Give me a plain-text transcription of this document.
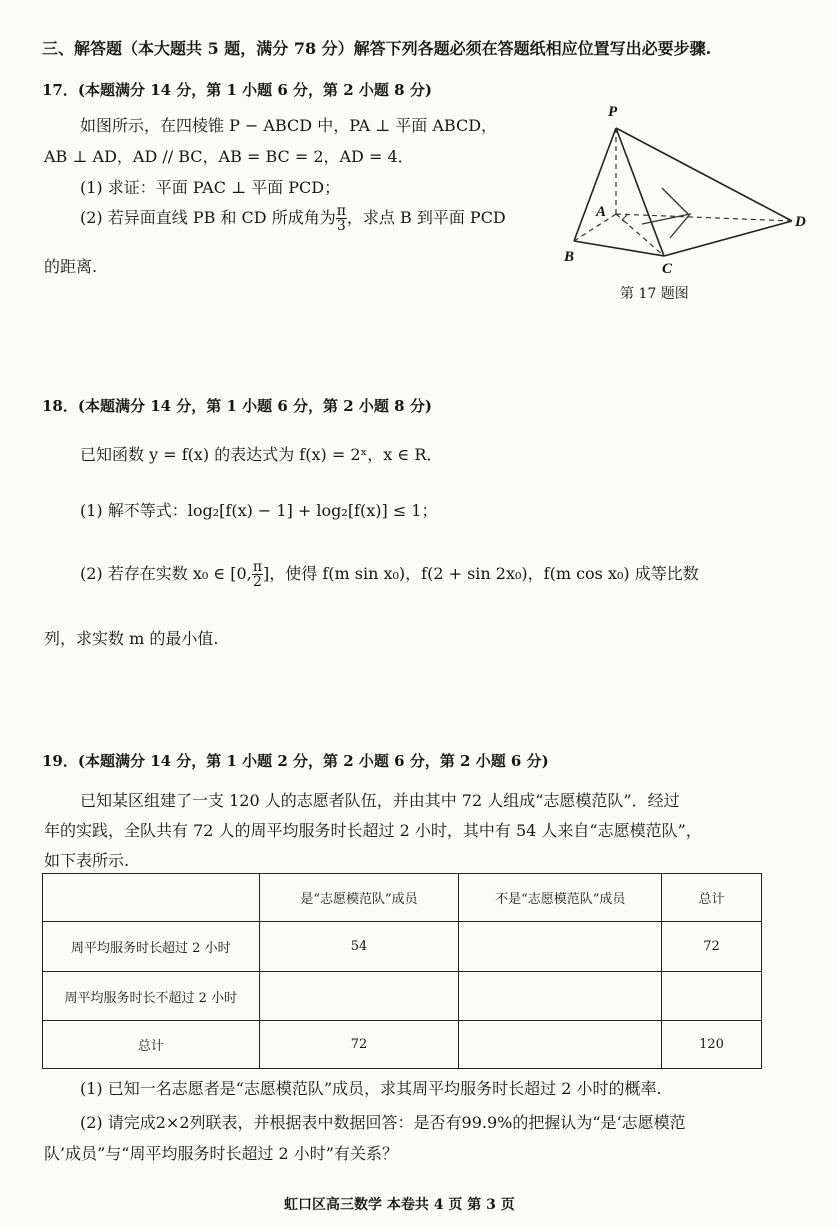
三、解答题（本大题共 5 题，满分 78 分）解答下列各题必须在答题纸相应位置写出必要步骤.
17．(本题满分 14 分，第 1 小题 6 分，第 2 小题 8 分)
如图所示，在四棱锥 P − ABCD 中，PA ⊥ 平面 ABCD，
AB ⊥ AD，AD // BC，AB = BC = 2，AD = 4．
(1) 求证：平面 PAC ⊥ 平面 PCD；
(2) 若异面直线 PB 和 CD 所成角为 $\frac{\pi}{3}$ ，求点 B 到平面 PCD
的距离.
P
A
B
C
D
第 17 题图
18．(本题满分 14 分，第 1 小题 6 分，第 2 小题 8 分)
已知函数 y = f(x) 的表达式为 f(x) = 2ˣ，x ∈ R．
(1) 解不等式：log₂[f(x) − 1] + log₂[f(x)] ≤ 1；
(2) 若存在实数 x₀ ∈ [0, $\frac{\pi}{2}$ ]，使得 f(m sin x₀)，f(2 + sin 2x₀)，f(m cos x₀) 成等比数
列，求实数 m 的最小值.
19．(本题满分 14 分，第 1 小题 2 分，第 2 小题 6 分，第 2 小题 6 分)
已知某区组建了一支 120 人的志愿者队伍，并由其中 72 人组成“志愿模范队”．经过
年的实践，全队共有 72 人的周平均服务时长超过 2 小时，其中有 54 人来自“志愿模范队”，
如下表所示.
	是“志愿模范队”成员	不是“志愿模范队”成员	总计
周平均服务时长超过 2 小时	54		72
周平均服务时长不超过 2 小时			
总计	72		120
(1) 已知一名志愿者是“志愿模范队”成员，求其周平均服务时长超过 2 小时的概率.
(2) 请完成2×2列联表，并根据表中数据回答：是否有99.9%的把握认为“是‘志愿模范
队’成员”与“周平均服务时长超过 2 小时”有关系？
虹口区高三数学 本卷共 4 页 第 3 页
